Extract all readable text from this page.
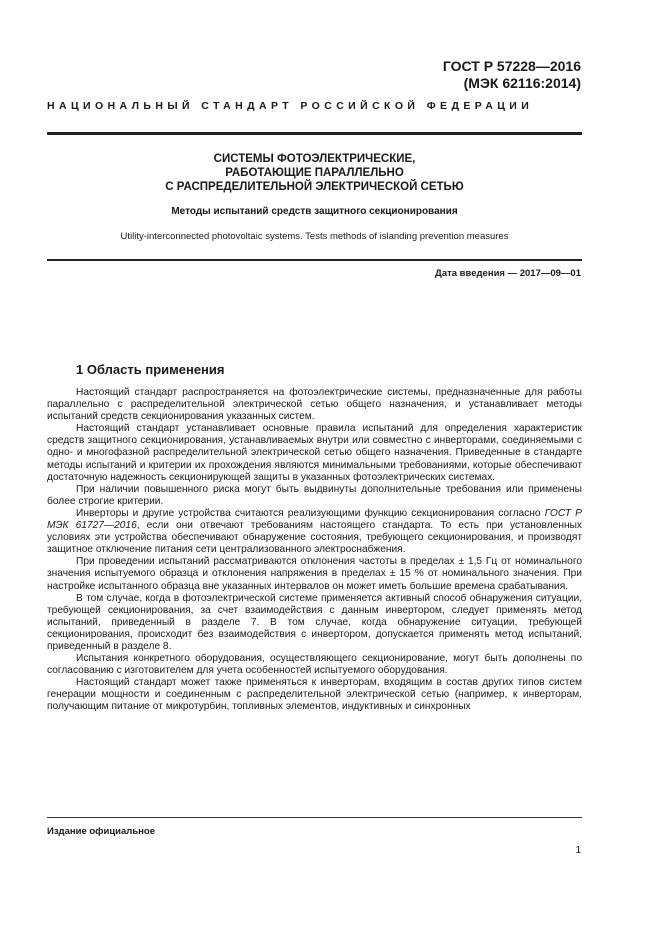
ГОСТ Р 57228—2016
(МЭК 62116:2014)
НАЦИОНАЛЬНЫЙ СТАНДАРТ РОССИЙСКОЙ ФЕДЕРАЦИИ
СИСТЕМЫ ФОТОЭЛЕКТРИЧЕСКИЕ,
РАБОТАЮЩИЕ ПАРАЛЛЕЛЬНО
С РАСПРЕДЕЛИТЕЛЬНОЙ ЭЛЕКТРИЧЕСКОЙ СЕТЬЮ
Методы испытаний средств защитного секционирования
Utility-interconnected photovoltaic systems. Tests methods of islanding prevention measures
Дата введения — 2017—09—01
1 Область применения

Настоящий стандарт распространяется на фотоэлектрические системы, предназначенные для работы параллельно с распределительной электрической сетью общего назначения, и устанавливает методы испытаний средств секционирования указанных систем.

Настоящий стандарт устанавливает основные правила испытаний для определения характеристик средств защитного секционирования, устанавливаемых внутри или совместно с инверторами, соединяемыми с одно- и многофазной распределительной электрической сетью общего назначения. Приведенные в стандарте методы испытаний и критерии их прохождения являются минимальными требованиями, которые обеспечивают достаточную надежность секционирующей защиты в указанных фотоэлектрических системах.

При наличии повышенного риска могут быть выдвинуты дополнительные требования или применены более строгие критерии.

Инверторы и другие устройства считаются реализующими функцию секционирования согласно ГОСТ Р МЭК 61727—2016, если они отвечают требованиям настоящего стандарта. То есть при установленных условиях эти устройства обеспечивают обнаружение состояния, требующего секционирования, и производят защитное отключение питания сети централизованного электроснабжения.

При проведении испытаний рассматриваются отклонения частоты в пределах ± 1,5 Гц от номинального значения испытуемого образца и отклонения напряжения в пределах ± 15 % от номинального значения. При настройке испытанного образца вне указанных интервалов он может иметь большие времена срабатывания.

В том случае, когда в фотоэлектрической системе применяется активный способ обнаружения ситуации, требующей секционирования, за счет взаимодействия с данным инвертором, следует применять метод испытаний, приведенный в разделе 7. В том случае, когда обнаружение ситуации, требующей секционирования, происходит без взаимодействия с инвертором, допускается применять метод испытаний, приведенный в разделе 8.

Испытания конкретного оборудования, осуществляющего секционирование, могут быть дополнены по согласованию с изготовителем для учета особенностей испытуемого оборудования.

Настоящий стандарт может также применяться к инверторам, входящим в состав других типов систем генерации мощности и соединенным с распределительной электрической сетью (например, к инверторам, получающим питание от микротурбин, топливных элементов, индуктивных и синхронных

Издание официальное
1
